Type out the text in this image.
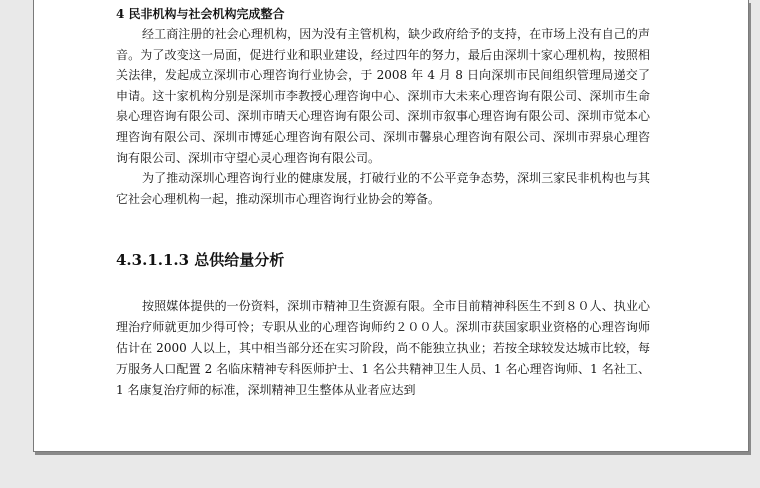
4 民非机构与社会机构完成整合

经工商注册的社会心理机构，因为没有主管机构，缺少政府给予的支持，在市场上没有自己的声音。为了改变这一局面，促进行业和职业建设，经过四年的努力，最后由深圳十家心理机构，按照相关法律，发起成立深圳市心理咨询行业协会，于 2008 年 4 月 8 日向深圳市民间组织管理局递交了申请。这十家机构分别是深圳市李教授心理咨询中心、深圳市大未来心理咨询有限公司、深圳市生命泉心理咨询有限公司、深圳市晴天心理咨询有限公司、深圳市叙事心理咨询有限公司、深圳市觉本心理咨询有限公司、深圳市博延心理咨询有限公司、深圳市馨泉心理咨询有限公司、深圳市羿泉心理咨询有限公司、深圳市守望心灵心理咨询有限公司。

为了推动深圳心理咨询行业的健康发展，打破行业的不公平竞争态势，深圳三家民非机构也与其它社会心理机构一起，推动深圳市心理咨询行业协会的筹备。

4.3.1.1.3 总供给量分析

按照媒体提供的一份资料，深圳市精神卫生资源有限。全市目前精神科医生不到８０人、执业心理治疗师就更加少得可怜；专职从业的心理咨询师约２００人。深圳市获国家职业资格的心理咨询师估计在 2000 人以上，其中相当部分还在实习阶段，尚不能独立执业；若按全球较发达城市比较，每万服务人口配置 2 名临床精神专科医师护士、1 名公共精神卫生人员、1 名心理咨询师、1 名社工、1 名康复治疗师的标准，深圳精神卫生整体从业者应达到
